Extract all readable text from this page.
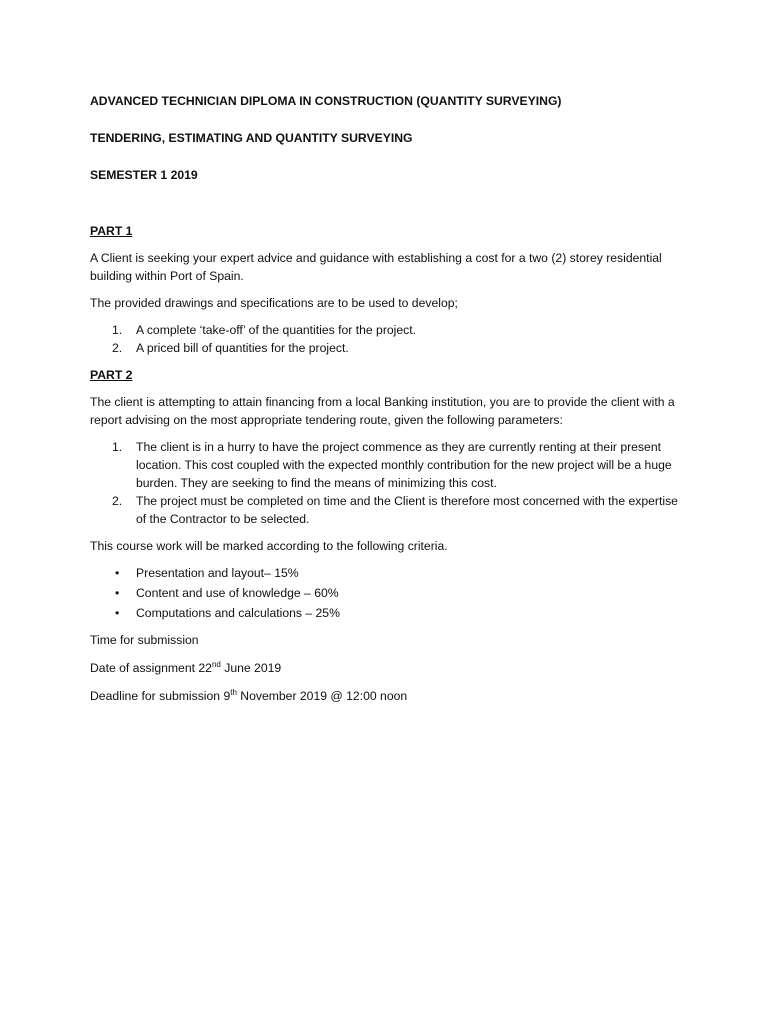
ADVANCED TECHNICIAN DIPLOMA IN CONSTRUCTION (QUANTITY SURVEYING)
TENDERING, ESTIMATING AND QUANTITY SURVEYING
SEMESTER 1 2019
PART 1

A Client is seeking your expert advice and guidance with establishing a cost for a two (2) storey residential building within Port of Spain.

The provided drawings and specifications are to be used to develop;

1. A complete ‘take-off’ of the quantities for the project.
2. A priced bill of quantities for the project.
PART 2

The client is attempting to attain financing from a local Banking institution, you are to provide the client with a report advising on the most appropriate tendering route, given the following parameters:

1. The client is in a hurry to have the project commence as they are currently renting at their present location. This cost coupled with the expected monthly contribution for the new project will be a huge burden. They are seeking to find the means of minimizing this cost.
2. The project must be completed on time and the Client is therefore most concerned with the expertise of the Contractor to be selected.

This course work will be marked according to the following criteria.

• Presentation and layout– 15%
• Content and use of knowledge – 60%
• Computations and calculations – 25%
Time for submission
Date of assignment 22nd June 2019
Deadline for submission 9th November 2019 @ 12:00 noon
